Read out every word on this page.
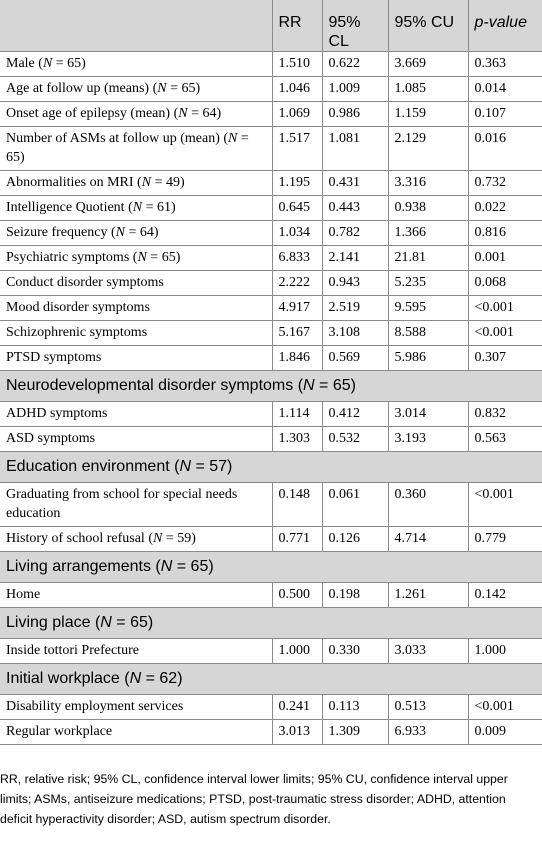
	RR	95% CL	95% CU	p-value
Male (N = 65)	1.510	0.622	3.669	0.363
Age at follow up (means) (N = 65)	1.046	1.009	1.085	0.014
Onset age of epilepsy (mean) (N = 64)	1.069	0.986	1.159	0.107
Number of ASMs at follow up (mean) (N = 65)	1.517	1.081	2.129	0.016
Abnormalities on MRI (N = 49)	1.195	0.431	3.316	0.732
Intelligence Quotient (N = 61)	0.645	0.443	0.938	0.022
Seizure frequency (N = 64)	1.034	0.782	1.366	0.816
Psychiatric symptoms (N = 65)	6.833	2.141	21.81	0.001
Conduct disorder symptoms	2.222	0.943	5.235	0.068
Mood disorder symptoms	4.917	2.519	9.595	<0.001
Schizophrenic symptoms	5.167	3.108	8.588	<0.001
PTSD symptoms	1.846	0.569	5.986	0.307
Neurodevelopmental disorder symptoms (N = 65)				
ADHD symptoms	1.114	0.412	3.014	0.832
ASD symptoms	1.303	0.532	3.193	0.563
Education environment (N = 57)				
Graduating from school for special needs education	0.148	0.061	0.360	<0.001
History of school refusal (N = 59)	0.771	0.126	4.714	0.779
Living arrangements (N = 65)				
Home	0.500	0.198	1.261	0.142
Living place (N = 65)				
Inside tottori Prefecture	1.000	0.330	3.033	1.000
Initial workplace (N = 62)				
Disability employment services	0.241	0.113	0.513	<0.001
Regular workplace	3.013	1.309	6.933	0.009
RR, relative risk; 95% CL, confidence interval lower limits; 95% CU, confidence interval upper limits; ASMs, antiseizure medications; PTSD, post-traumatic stress disorder; ADHD, attention deficit hyperactivity disorder; ASD, autism spectrum disorder.
